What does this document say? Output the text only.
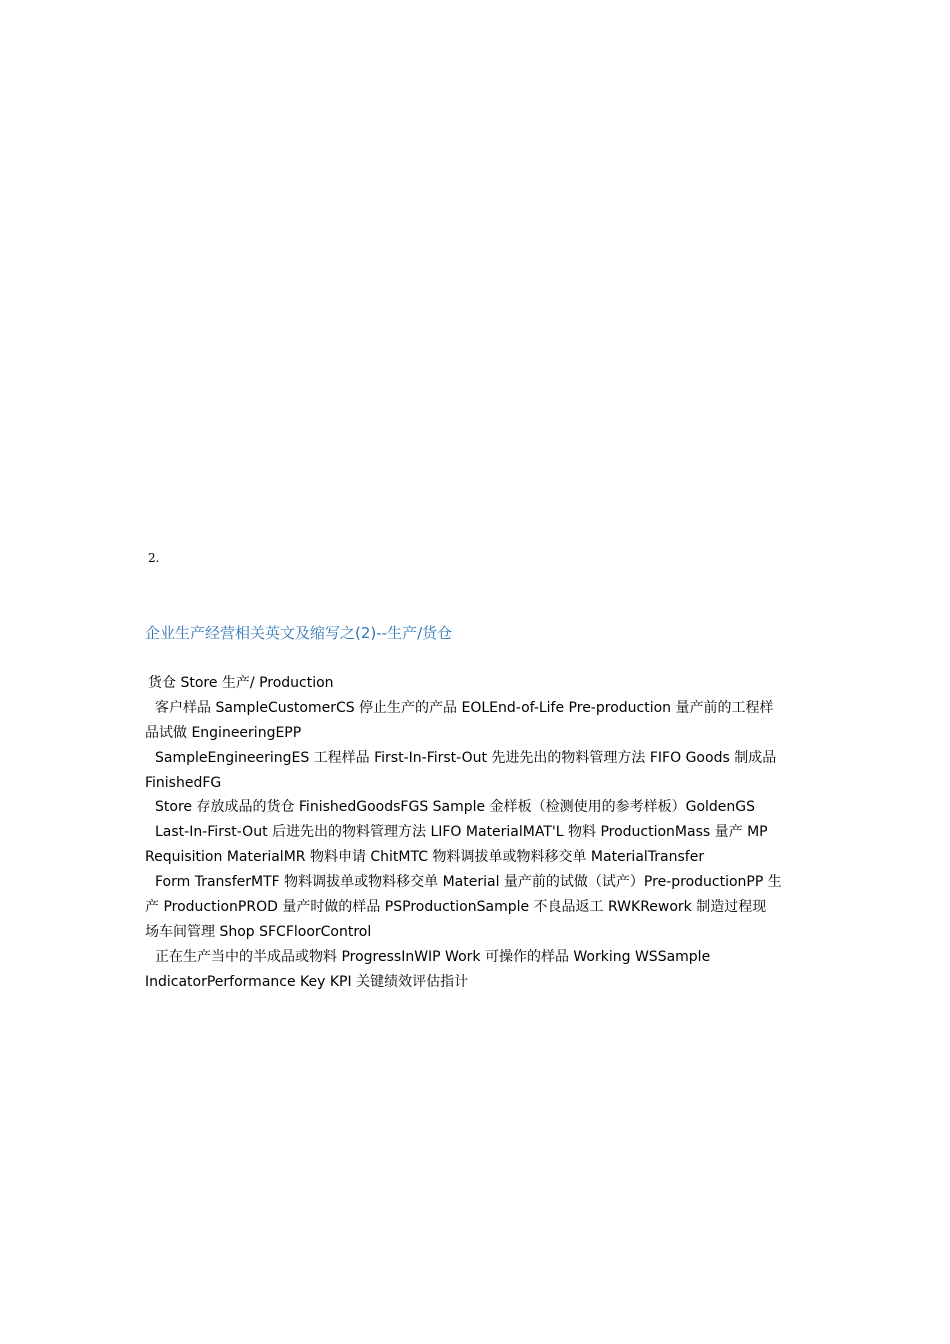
2.
企业生产经营相关英文及缩写之(2)--生产/货仓
货仓 Store 生产/ Production
客户样品 SampleCustomerCS 停止生产的产品 EOLEnd-of-Life Pre-production 量产前的工程样
品试做 EngineeringEPP
SampleEngineeringES 工程样品 First-In-First-Out 先进先出的物料管理方法 FIFO Goods 制成品
FinishedFG
Store 存放成品的货仓 FinishedGoodsFGS Sample 金样板（检测使用的参考样板）GoldenGS
Last-In-First-Out 后进先出的物料管理方法 LIFO MaterialMAT'L 物料 ProductionMass 量产 MP
Requisition MaterialMR 物料申请 ChitMTC 物料调拔单或物料移交单 MaterialTransfer
Form TransferMTF 物料调拔单或物料移交单 Material 量产前的试做（试产）Pre-productionPP 生
产 ProductionPROD 量产时做的样品 PSProductionSample 不良品返工 RWKRework 制造过程现
场车间管理 Shop SFCFloorControl
正在生产当中的半成品或物料 ProgressInWIP Work 可操作的样品 Working WSSample
IndicatorPerformance Key KPI 关键绩效评估指计
